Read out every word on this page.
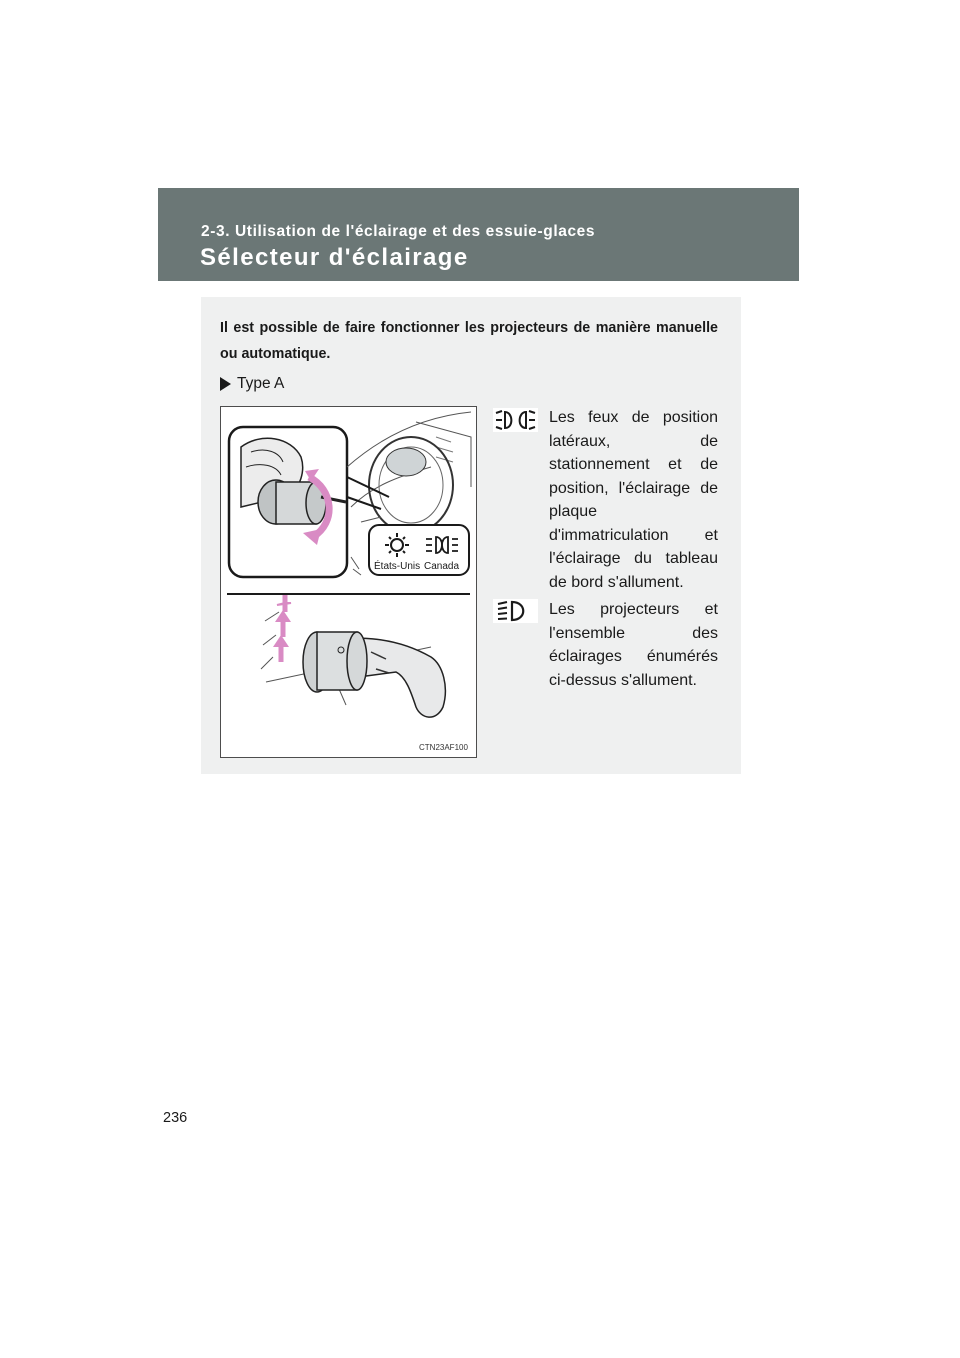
2-3. Utilisation de l'éclairage et des essuie-glaces
Sélecteur d'éclairage
Il est possible de faire fonctionner les projecteurs de manière manuelle ou automatique.
Type A
États-Unis Canada
CTN23AF100
Les feux de position latéraux, de stationnement et de position, l'éclairage de plaque d'immatriculation et l'éclairage du tableau de bord s'allument.
Les projecteurs et l'ensemble des éclairages énumérés ci-dessus s'allument.
236
